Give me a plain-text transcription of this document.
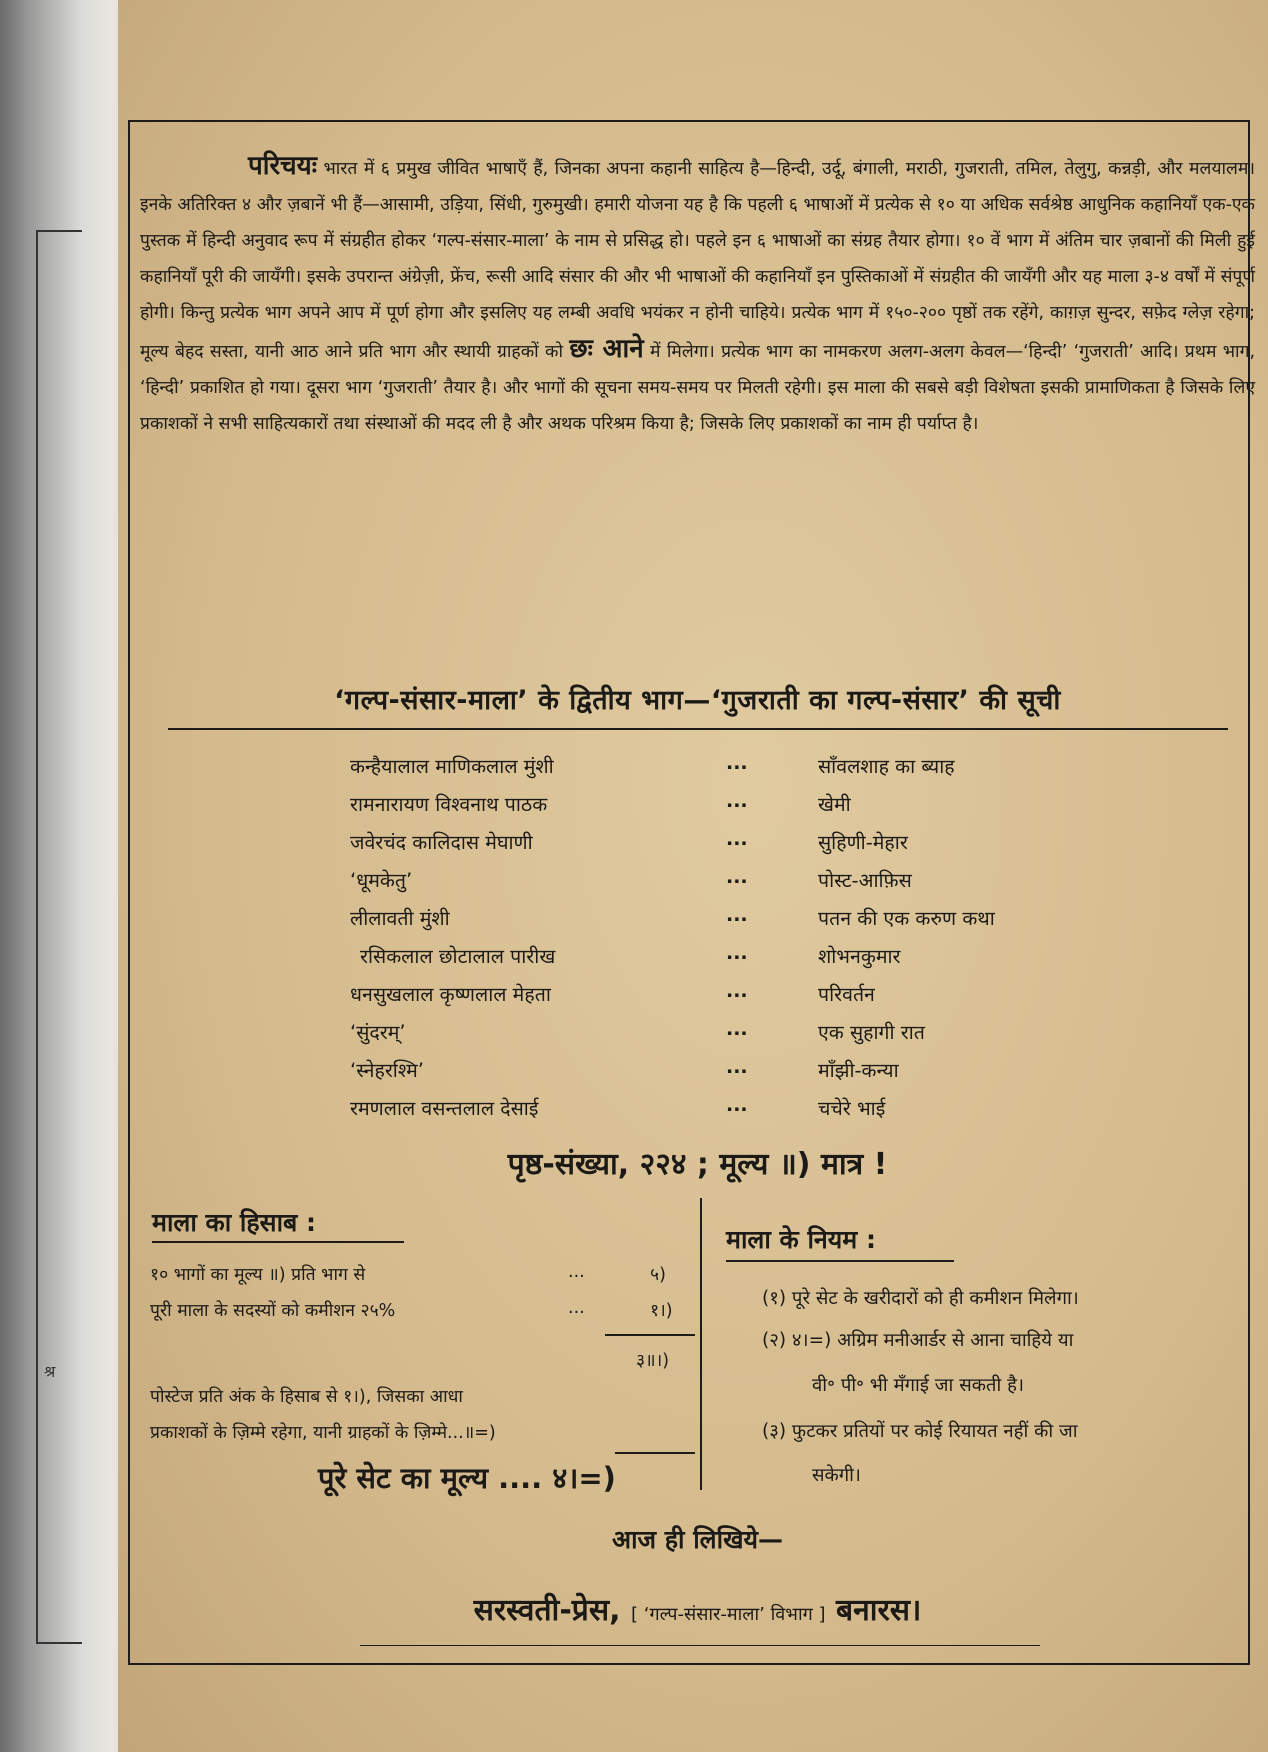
श्र
परिचयः भारत में ६ प्रमुख जीवित भाषाएँ हैं, जिनका अपना कहानी साहित्य है—हिन्दी, उर्दू, बंगाली, मराठी, गुजराती, तमिल, तेलुगु, कन्नड़ी, और मलयालम। इनके अतिरिक्त ४ और ज़बानें भी हैं—आसामी, उड़िया, सिंधी, गुरुमुखी। हमारी योजना यह है कि पहली ६ भाषाओं में प्रत्येक से १० या अधिक सर्वश्रेष्ठ आधुनिक कहानियाँ एक-एक पुस्तक में हिन्दी अनुवाद रूप में संग्रहीत होकर ‘गल्प-संसार-माला’ के नाम से प्रसिद्ध हो। पहले इन ६ भाषाओं का संग्रह तैयार होगा। १० वें भाग में अंतिम चार ज़बानों की मिली हुई कहानियाँ पूरी की जायँगी। इसके उपरान्त अंग्रेज़ी, फ्रेंच, रूसी आदि संसार की और भी भाषाओं की कहानियाँ इन पुस्तिकाओं में संग्रहीत की जायँगी और यह माला ३-४ वर्षों में संपूर्ण होगी। किन्तु प्रत्येक भाग अपने आप में पूर्ण होगा और इसलिए यह लम्बी अवधि भयंकर न होनी चाहिये। प्रत्येक भाग में १५०-२०० पृष्ठों तक रहेंगे, काग़ज़ सुन्दर, सफ़ेद ग्लेज़ रहेगा; मूल्य बेहद सस्ता, यानी आठ आने प्रति भाग और स्थायी ग्राहकों को छः आने में मिलेगा। प्रत्येक भाग का नामकरण अलग-अलग केवल—‘हिन्दी’ ‘गुजराती’ आदि। प्रथम भाग, ‘हिन्दी’ प्रकाशित हो गया। दूसरा भाग ‘गुजराती’ तैयार है। और भागों की सूचना समय-समय पर मिलती रहेगी। इस माला की सबसे बड़ी विशेषता इसकी प्रामाणिकता है जिसके लिए प्रकाशकों ने सभी साहित्यकारों तथा संस्थाओं की मदद ली है और अथक परिश्रम किया है; जिसके लिए प्रकाशकों का नाम ही पर्याप्त है।
‘गल्प-संसार-माला’ के द्वितीय भाग—‘गुजराती का गल्प-संसार’ की सूची
कन्हैयालाल माणिकलाल मुंशी	...	साँवलशाह का ब्याह
रामनारायण विश्वनाथ पाठक	...	खेमी
जवेरचंद कालिदास मेघाणी	...	सुहिणी-मेहार
‘धूमकेतु’	...	पोस्ट-आफ़िस
लीलावती मुंशी	...	पतन की एक करुण कथा
रसिकलाल छोटालाल पारीख	...	शोभनकुमार
धनसुखलाल कृष्णलाल मेहता	...	परिवर्तन
‘सुंदरम्’	...	एक सुहागी रात
‘स्नेहरश्मि’	...	माँझी-कन्या
रमणलाल वसन्तलाल देसाई	...	चचेरे भाई
पृष्ठ-संख्या, २२४ ; मूल्य ॥) मात्र !
माला का हिसाब :
१० भागों का मूल्य ॥) प्रति भाग से	...	५)
पूरी माला के सदस्यों को कमीशन २५%	...	१।)
३॥।)
पोस्टेज प्रति अंक के हिसाब से १।), जिसका आधा
प्रकाशकों के ज़िम्मे रहेगा, यानी ग्राहकों के ज़िम्मे...॥=)
पूरे सेट का मूल्य .... ४।=)
माला के नियम :
(१) पूरे सेट के खरीदारों को ही कमीशन मिलेगा।
(२) ४।=) अग्रिम मनीआर्डर से आना चाहिये या
वी॰ पी॰ भी मँगाई जा सकती है।
(३) फुटकर प्रतियों पर कोई रियायत नहीं की जा
सकेगी।
आज ही लिखिये—
सरस्वती-प्रेस, [ ‘गल्प-संसार-माला’ विभाग ] बनारस।
